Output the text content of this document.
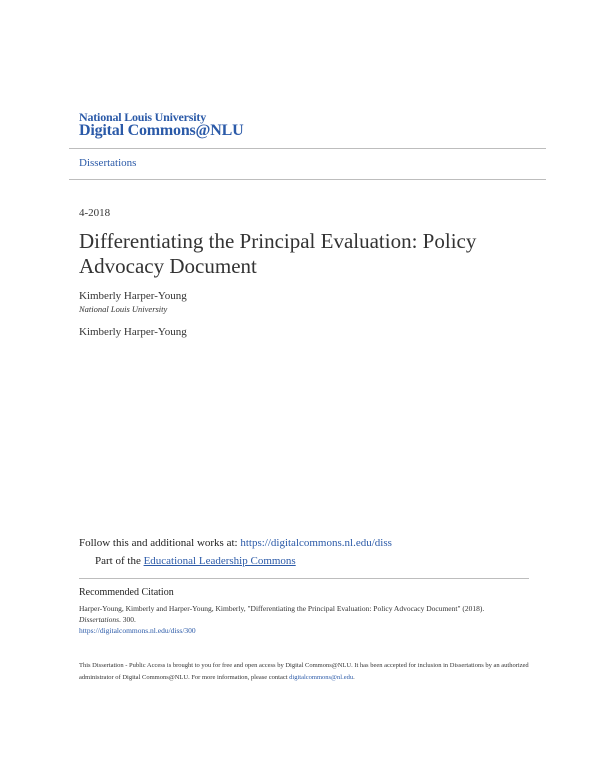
National Louis University
Digital Commons@NLU
Dissertations
4-2018
Differentiating the Principal Evaluation: Policy Advocacy Document
Kimberly Harper-Young
National Louis University
Kimberly Harper-Young
Follow this and additional works at: https://digitalcommons.nl.edu/diss
Part of the Educational Leadership Commons
Recommended Citation
Harper-Young, Kimberly and Harper-Young, Kimberly, "Differentiating the Principal Evaluation: Policy Advocacy Document" (2018).
Dissertations. 300.
https://digitalcommons.nl.edu/diss/300
This Dissertation - Public Access is brought to you for free and open access by Digital Commons@NLU. It has been accepted for inclusion in Dissertations by an authorized administrator of Digital Commons@NLU. For more information, please contact digitalcommons@nl.edu.
